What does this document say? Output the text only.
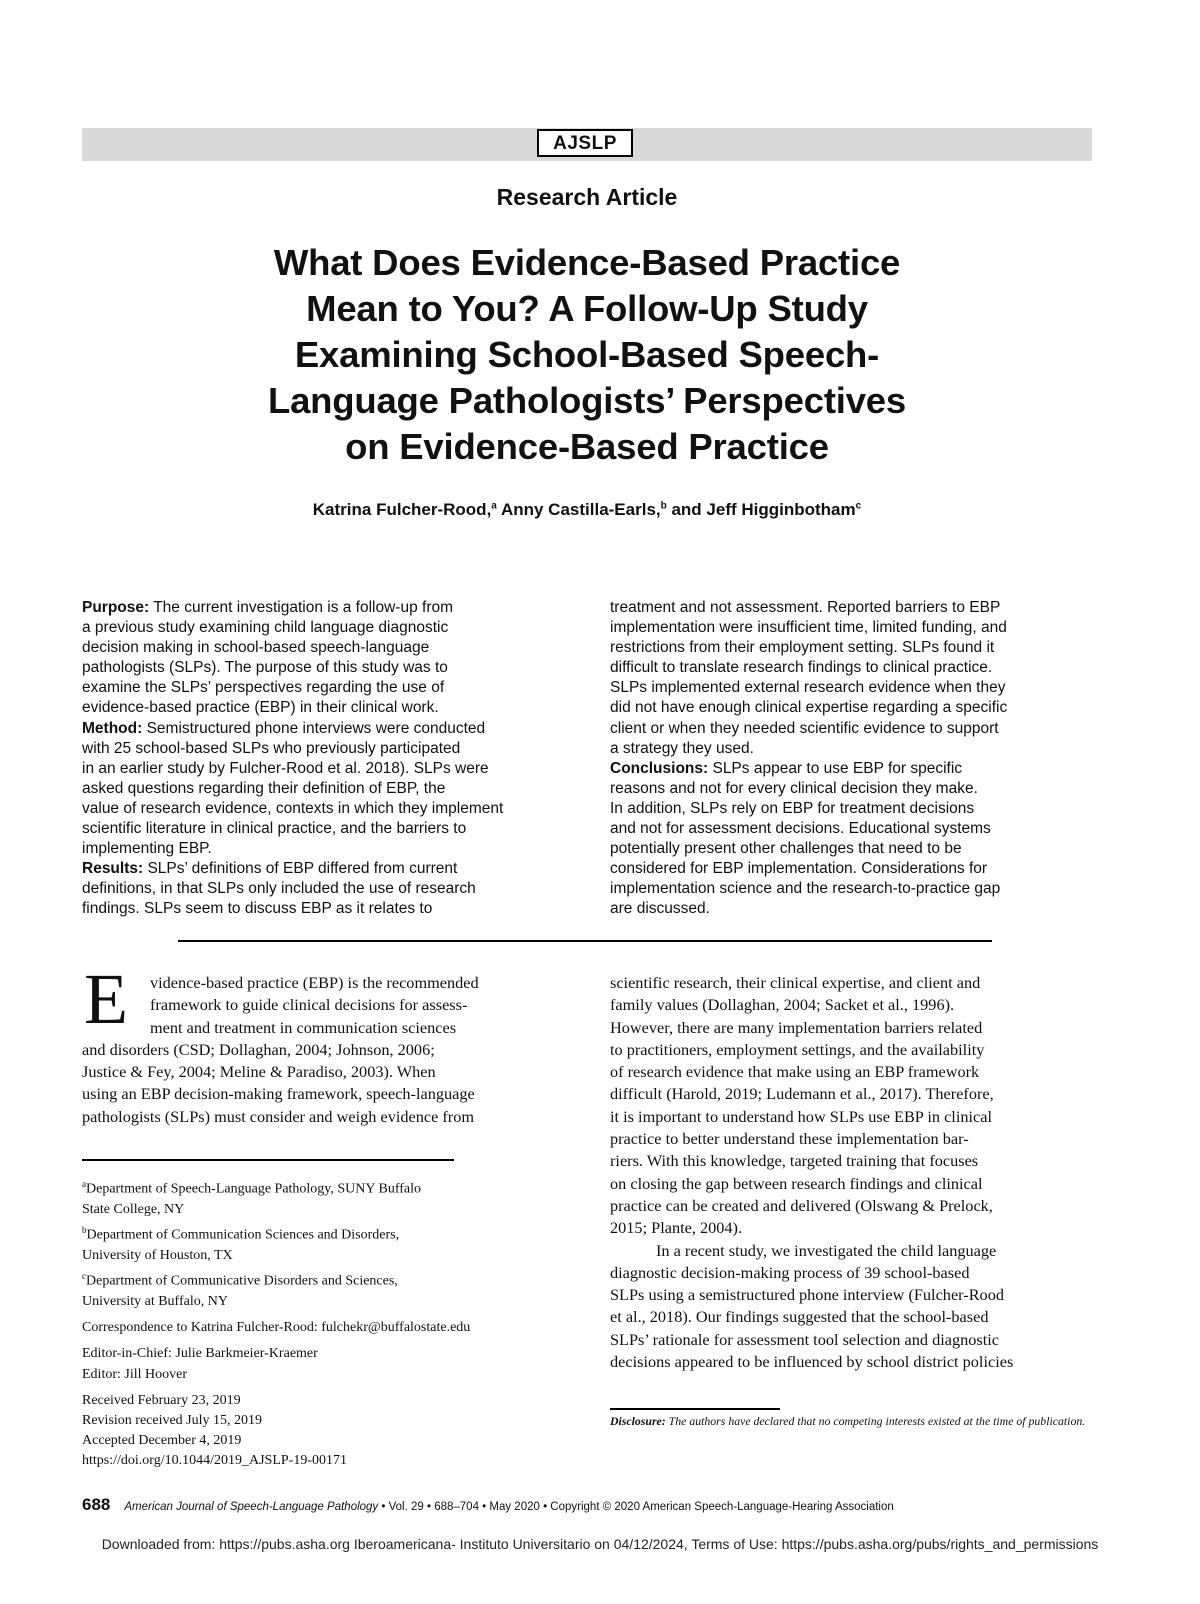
AJSLP
Research Article
What Does Evidence-Based Practice
Mean to You? A Follow-Up Study
Examining School-Based Speech-
Language Pathologists’ Perspectives
on Evidence-Based Practice
Katrina Fulcher-Rood,$^a$ Anny Castilla-Earls,$^b$ and Jeff Higginbotham$^c$
Purpose: The current investigation is a follow-up from
a previous study examining child language diagnostic
decision making in school-based speech-language
pathologists (SLPs). The purpose of this study was to
examine the SLPs’ perspectives regarding the use of
evidence-based practice (EBP) in their clinical work.
Method: Semistructured phone interviews were conducted
with 25 school-based SLPs who previously participated
in an earlier study by Fulcher-Rood et al. 2018). SLPs were
asked questions regarding their definition of EBP, the
value of research evidence, contexts in which they implement
scientific literature in clinical practice, and the barriers to
implementing EBP.
Results: SLPs’ definitions of EBP differed from current
definitions, in that SLPs only included the use of research
findings. SLPs seem to discuss EBP as it relates to
treatment and not assessment. Reported barriers to EBP
implementation were insufficient time, limited funding, and
restrictions from their employment setting. SLPs found it
difficult to translate research findings to clinical practice.
SLPs implemented external research evidence when they
did not have enough clinical expertise regarding a specific
client or when they needed scientific evidence to support
a strategy they used.
Conclusions: SLPs appear to use EBP for specific
reasons and not for every clinical decision they make.
In addition, SLPs rely on EBP for treatment decisions
and not for assessment decisions. Educational systems
potentially present other challenges that need to be
considered for EBP implementation. Considerations for
implementation science and the research-to-practice gap
are discussed.
E	vidence-based practice (EBP) is the recommended
framework to guide clinical decisions for assess-
ment and treatment in communication sciences
and disorders (CSD; Dollaghan, 2004; Johnson, 2006;
Justice & Fey, 2004; Meline & Paradiso, 2003). When
using an EBP decision-making framework, speech-language
pathologists (SLPs) must consider and weigh evidence from
scientific research, their clinical expertise, and client and
family values (Dollaghan, 2004; Sacket et al., 1996).
However, there are many implementation barriers related
to practitioners, employment settings, and the availability
of research evidence that make using an EBP framework
difficult (Harold, 2019; Ludemann et al., 2017). Therefore,
it is important to understand how SLPs use EBP in clinical
practice to better understand these implementation bar-
riers. With this knowledge, targeted training that focuses
on closing the gap between research findings and clinical
practice can be created and delivered (Olswang & Prelock,
2015; Plante, 2004).
In a recent study, we investigated the child language
diagnostic decision-making process of 39 school-based
SLPs using a semistructured phone interview (Fulcher-Rood
et al., 2018). Our findings suggested that the school-based
SLPs’ rationale for assessment tool selection and diagnostic
decisions appeared to be influenced by school district policies
$^a$Department of Speech-Language Pathology, SUNY Buffalo
State College, NY
$^b$Department of Communication Sciences and Disorders,
University of Houston, TX
$^c$Department of Communicative Disorders and Sciences,
University at Buffalo, NY
Correspondence to Katrina Fulcher-Rood: fulchekr@buffalostate.edu
Editor-in-Chief: Julie Barkmeier-Kraemer
Editor: Jill Hoover
Received February 23, 2019
Revision received July 15, 2019
Accepted December 4, 2019
https://doi.org/10.1044/2019_AJSLP-19-00171
Disclosure: The authors have declared that no competing interests existed at the time of publication.
688 American Journal of Speech-Language Pathology • Vol. 29 • 688–704 • May 2020 • Copyright © 2020 American Speech-Language-Hearing Association
Downloaded from: https://pubs.asha.org Iberoamericana- Instituto Universitario on 04/12/2024, Terms of Use: https://pubs.asha.org/pubs/rights_and_permissions
